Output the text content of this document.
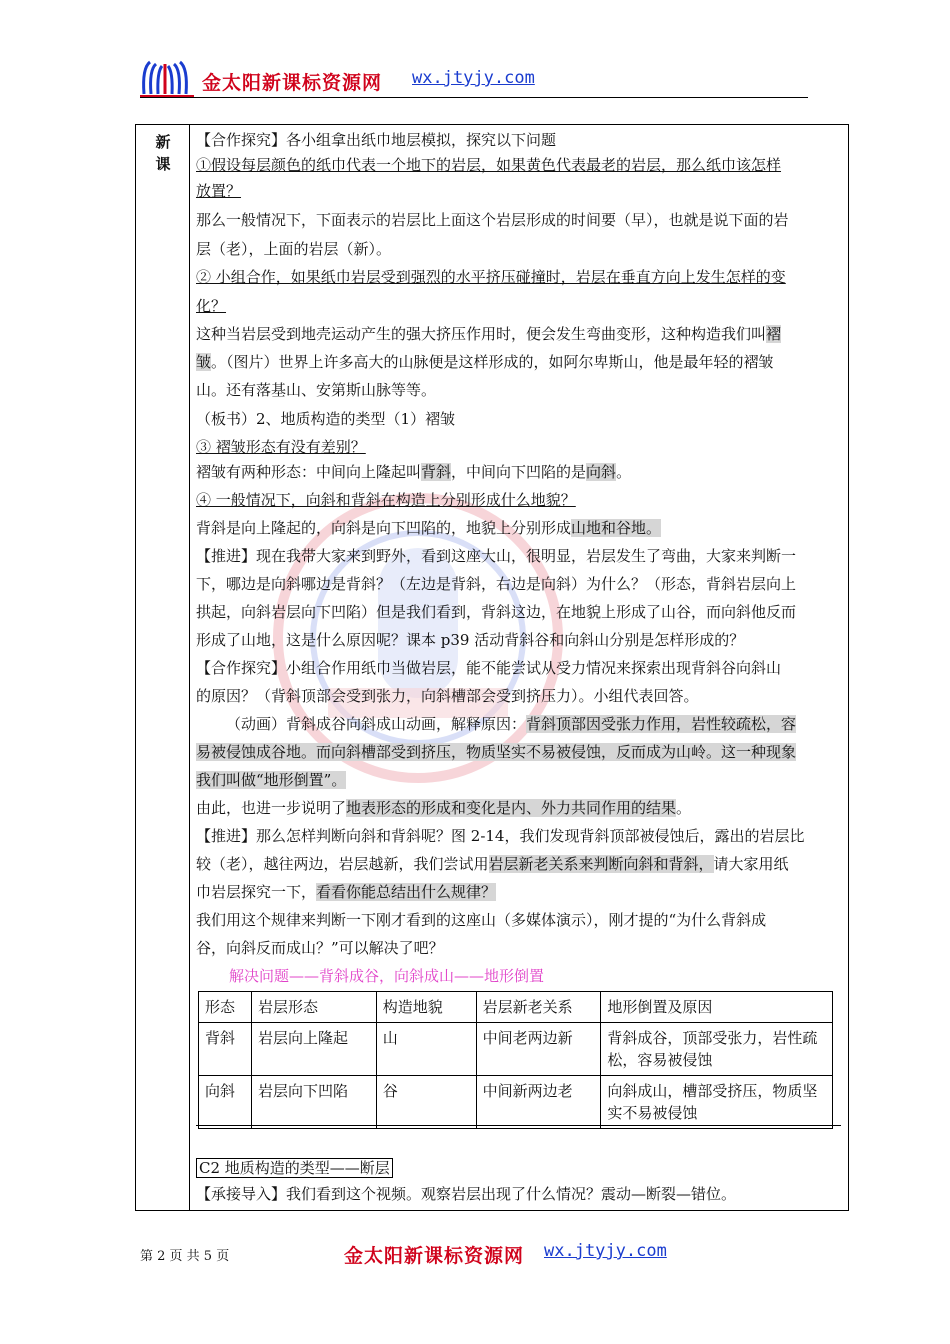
金太阳新课标资源网 wx.jtyjy.com
新课
【合作探究】各小组拿出纸巾地层模拟，探究以下问题
①假设每层颜色的纸巾代表一个地下的岩层，如果黄色代表最老的岩层，那么纸巾该怎样
放置？
那么一般情况下，下面表示的岩层比上面这个岩层形成的时间要（早），也就是说下面的岩
层（老），上面的岩层（新）。
② 小组合作，如果纸巾岩层受到强烈的水平挤压碰撞时，岩层在垂直方向上发生怎样的变
化？
这种当岩层受到地壳运动产生的强大挤压作用时，便会发生弯曲变形，这种构造我们叫褶
皱。（图片）世界上许多高大的山脉便是这样形成的，如阿尔卑斯山，他是最年轻的褶皱
山。还有落基山、安第斯山脉等等。
（板书）2、地质构造的类型（1）褶皱
③ 褶皱形态有没有差别？
褶皱有两种形态：中间向上隆起叫背斜，中间向下凹陷的是向斜。
④ 一般情况下，向斜和背斜在构造上分别形成什么地貌？
背斜是向上隆起的，向斜是向下凹陷的，地貌上分别形成山地和谷地。
【推进】现在我带大家来到野外，看到这座大山，很明显，岩层发生了弯曲，大家来判断一
下，哪边是向斜哪边是背斜？（左边是背斜，右边是向斜）为什么？（形态，背斜岩层向上
拱起，向斜岩层向下凹陷）但是我们看到，背斜这边，在地貌上形成了山谷，而向斜他反而
形成了山地，这是什么原因呢？课本 p39 活动背斜谷和向斜山分别是怎样形成的？
【合作探究】小组合作用纸巾当做岩层，能不能尝试从受力情况来探索出现背斜谷向斜山
的原因？（背斜顶部会受到张力，向斜槽部会受到挤压力）。小组代表回答。
（动画）背斜成谷向斜成山动画，解释原因：背斜顶部因受张力作用，岩性较疏松，容
易被侵蚀成谷地。而向斜槽部受到挤压，物质坚实不易被侵蚀，反而成为山岭。这一种现象
我们叫做“地形倒置”。
由此，也进一步说明了地表形态的形成和变化是内、外力共同作用的结果。
【推进】那么怎样判断向斜和背斜呢？图 2-14，我们发现背斜顶部被侵蚀后，露出的岩层比
较（老），越往两边，岩层越新，我们尝试用岩层新老关系来判断向斜和背斜，请大家用纸
巾岩层探究一下，看看你能总结出什么规律？
我们用这个规律来判断一下刚才看到的这座山（多媒体演示），刚才提的“为什么背斜成
谷，向斜反而成山？”可以解决了吧？
解决问题——背斜成谷，向斜成山——地形倒置
形态	岩层形态	构造地貌	岩层新老关系	地形倒置及原因
背斜	岩层向上隆起	山	中间老两边新	背斜成谷，顶部受张力，岩性疏松，容易被侵蚀
向斜	岩层向下凹陷	谷	中间新两边老	向斜成山，槽部受挤压，物质坚实不易被侵蚀
C2 地质构造的类型——断层
【承接导入】我们看到这个视频。观察岩层出现了什么情况？震动—断裂—错位。
第 2 页 共 5 页	金太阳新课标资源网 wx.jtyjy.com
